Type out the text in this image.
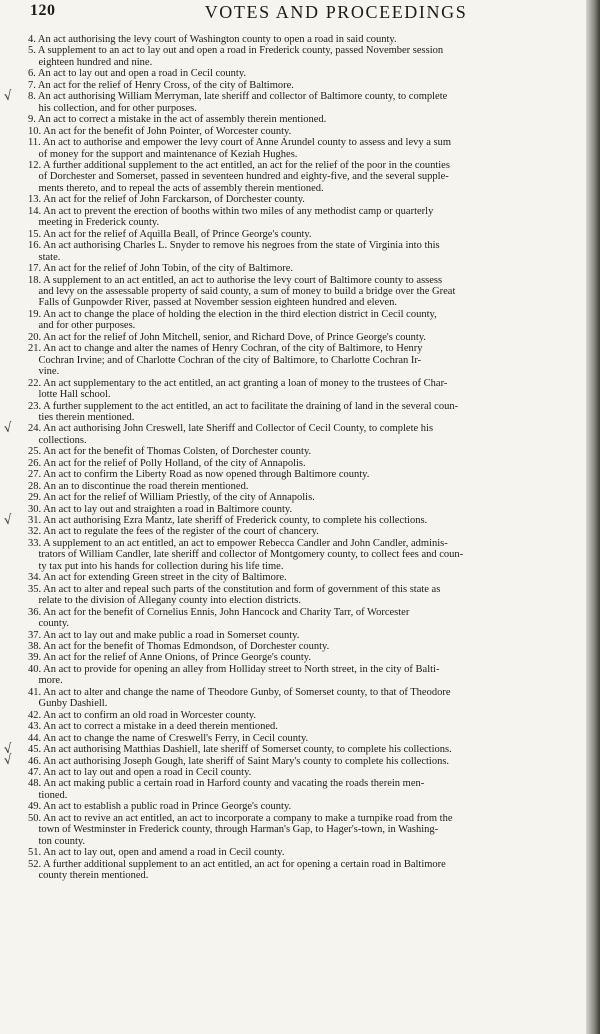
120	VOTES AND PROCEEDINGS
√
√
√
√
√
4. An act authorising the levy court of Washington county to open a road in said county.
5. A supplement to an act to lay out and open a road in Frederick county, passed November session
eighteen hundred and nine.
6. An act to lay out and open a road in Cecil county.
7. An act for the relief of Henry Cross, of the city of Baltimore.
8. An act authorising William Merryman, late sheriff and collector of Baltimore county, to complete
his collection, and for other purposes.
9. An act to correct a mistake in the act of assembly therein mentioned.
10. An act for the benefit of John Pointer, of Worcester county.
11. An act to authorise and empower the levy court of Anne Arundel county to assess and levy a sum
of money for the support and maintenance of Keziah Hughes.
12. A further additional supplement to the act entitled, an act for the relief of the poor in the counties
of Dorchester and Somerset, passed in seventeen hundred and eighty-five, and the several supple-
ments thereto, and to repeal the acts of assembly therein mentioned.
13. An act for the relief of John Farckarson, of Dorchester county.
14. An act to prevent the erection of booths within two miles of any methodist camp or quarterly
meeting in Frederick county.
15. An act for the relief of Aquilla Beall, of Prince George's county.
16. An act authorising Charles L. Snyder to remove his negroes from the state of Virginia into this
state.
17. An act for the relief of John Tobin, of the city of Baltimore.
18. A supplement to an act entitled, an act to authorise the levy court of Baltimore county to assess
and levy on the assessable property of said county, a sum of money to build a bridge over the Great
Falls of Gunpowder River, passed at November session eighteen hundred and eleven.
19. An act to change the place of holding the election in the third election district in Cecil county,
and for other purposes.
20. An act for the relief of John Mitchell, senior, and Richard Dove, of Prince George's county.
21. An act to change and alter the names of Henry Cochran, of the city of Baltimore, to Henry
Cochran Irvine; and of Charlotte Cochran of the city of Baltimore, to Charlotte Cochran Ir-
vine.
22. An act supplementary to the act entitled, an act granting a loan of money to the trustees of Char-
lotte Hall school.
23. A further supplement to the act entitled, an act to facilitate the draining of land in the several coun-
ties therein mentioned.
24. An act authorising John Creswell, late Sheriff and Collector of Cecil County, to complete his
collections.
25. An act for the benefit of Thomas Colsten, of Dorchester county.
26. An act for the relief of Polly Holland, of the city of Annapolis.
27. An act to confirm the Liberty Road as now opened through Baltimore county.
28. An an to discontinue the road therein mentioned.
29. An act for the relief of William Priestly, of the city of Annapolis.
30. An act to lay out and straighten a road in Baltimore county.
31. An act authorising Ezra Mantz, late sheriff of Frederick county, to complete his collections.
32. An act to regulate the fees of the register of the court of chancery.
33. A supplement to an act entitled, an act to empower Rebecca Candler and John Candler, adminis-
trators of William Candler, late sheriff and collector of Montgomery county, to collect fees and coun-
ty tax put into his hands for collection during his life time.
34. An act for extending Green street in the city of Baltimore.
35. An act to alter and repeal such parts of the constitution and form of government of this state as
relate to the division of Allegany county into election districts.
36. An act for the benefit of Cornelius Ennis, John Hancock and Charity Tarr, of Worcester
county.
37. An act to lay out and make public a road in Somerset county.
38. An act for the benefit of Thomas Edmondson, of Dorchester county.
39. An act for the relief of Anne Onions, of Prince George's county.
40. An act to provide for opening an alley from Holliday street to North street, in the city of Balti-
more.
41. An act to alter and change the name of Theodore Gunby, of Somerset county, to that of Theodore
Gunby Dashiell.
42. An act to confirm an old road in Worcester county.
43. An act to correct a mistake in a deed therein mentioned.
44. An act to change the name of Creswell's Ferry, in Cecil county.
45. An act authorising Matthias Dashiell, late sheriff of Somerset county, to complete his collections.
46. An act authorising Joseph Gough, late sheriff of Saint Mary's county to complete his collections.
47. An act to lay out and open a road in Cecil county.
48. An act making public a certain road in Harford county and vacating the roads therein men-
tioned.
49. An act to establish a public road in Prince George's county.
50. An act to revive an act entitled, an act to incorporate a company to make a turnpike road from the
town of Westminster in Frederick county, through Harman's Gap, to Hager's-town, in Washing-
ton county.
51. An act to lay out, open and amend a road in Cecil county.
52. A further additional supplement to an act entitled, an act for opening a certain road in Baltimore
county therein mentioned.
